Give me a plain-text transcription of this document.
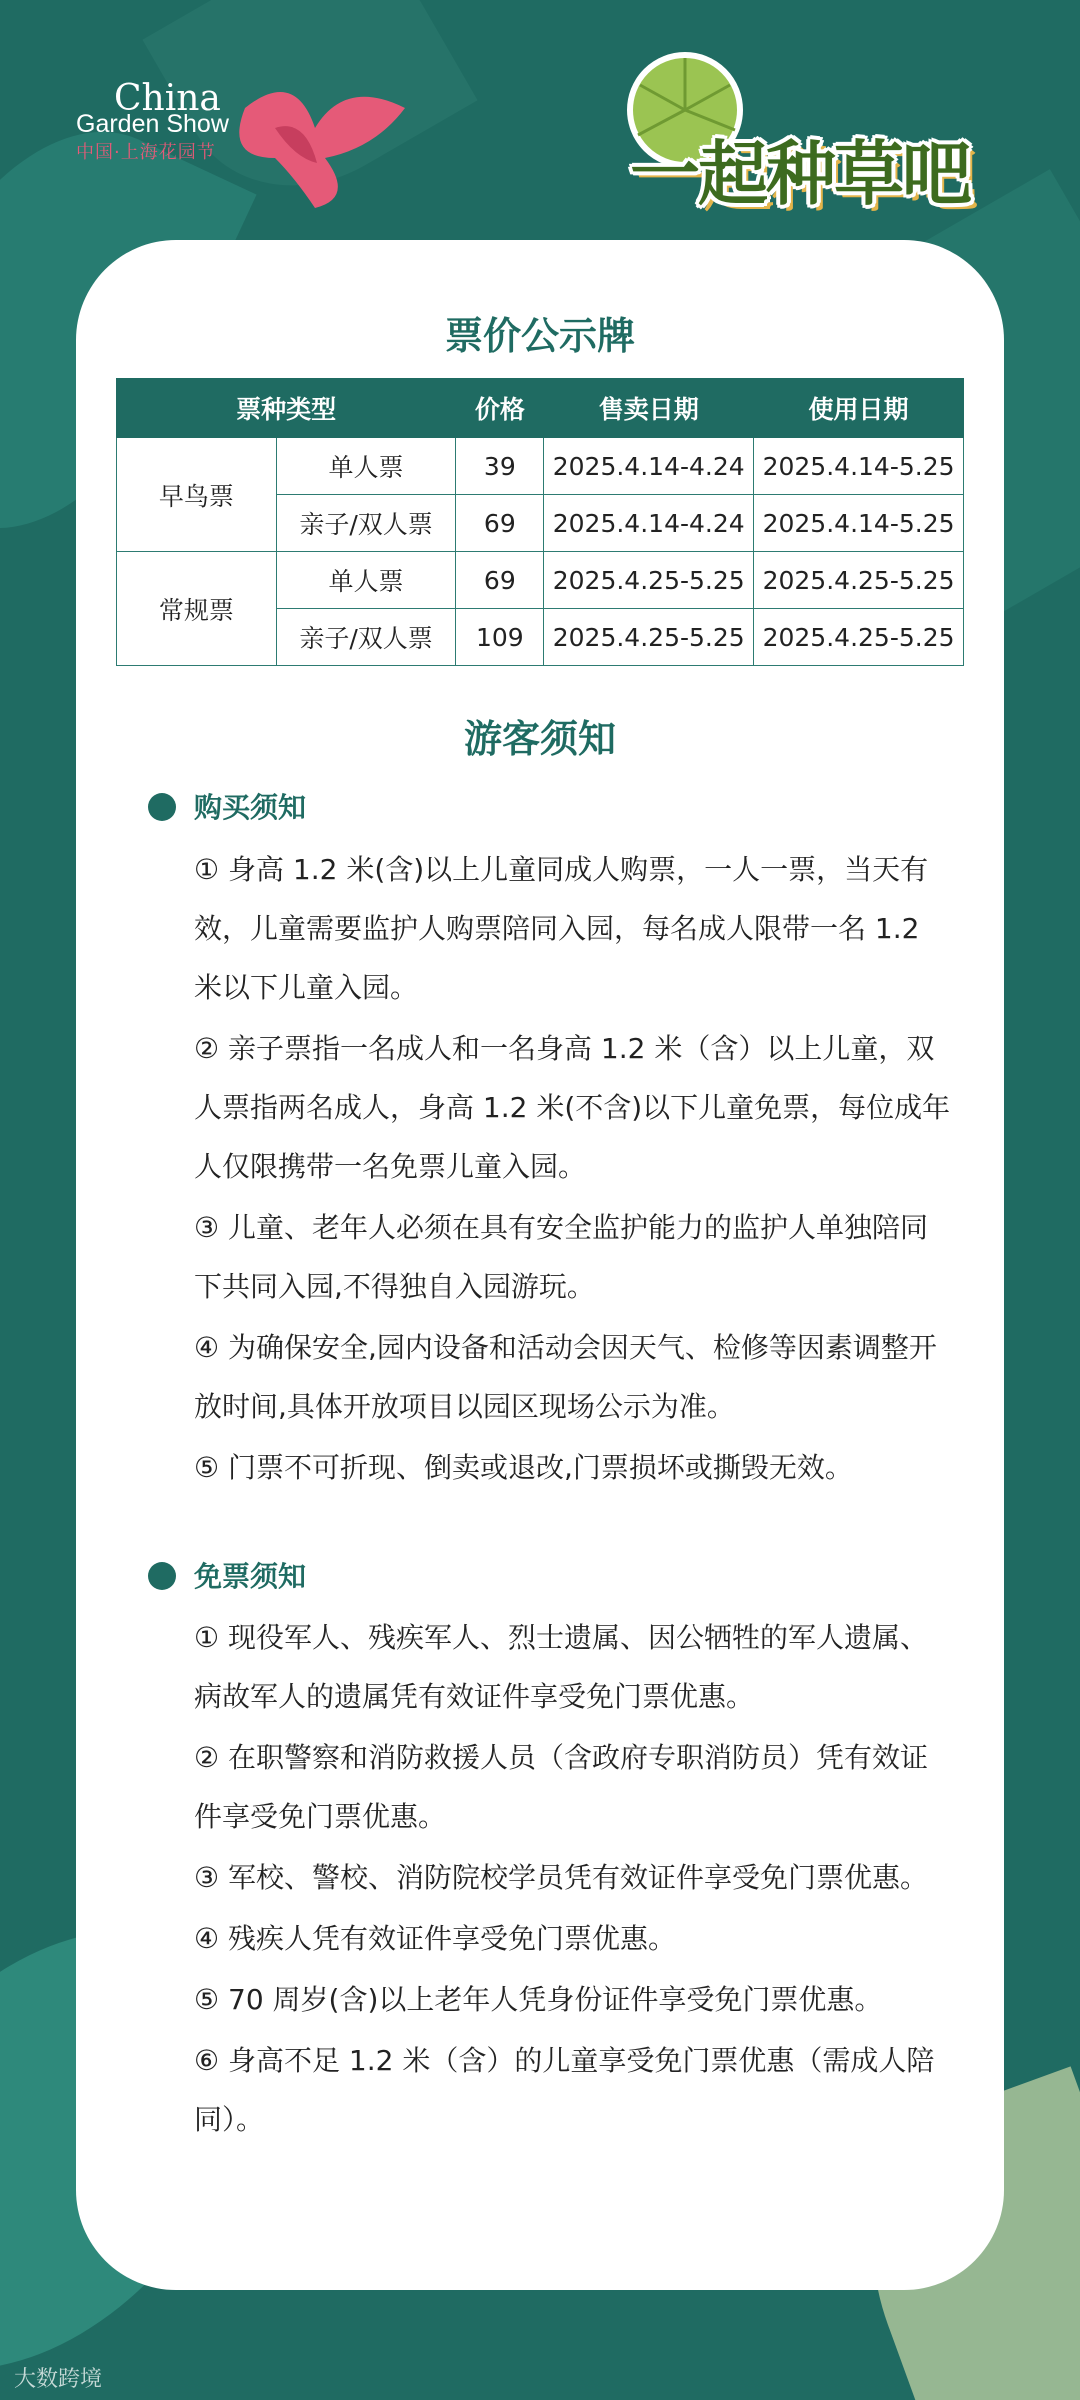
China
Garden Show
中国·上海花园节	一起种草吧
票价公示牌
票种类型		价格	售卖日期	使用日期
早鸟票	单人票	39	2025.4.14-4.24	2025.4.14-5.25
	亲子/双人票	69	2025.4.14-4.24	2025.4.14-5.25
常规票	单人票	69	2025.4.25-5.25	2025.4.25-5.25
	亲子/双人票	109	2025.4.25-5.25	2025.4.25-5.25
游客须知
购买须知

① 身高 1.2 米(含)以上儿童同成人购票，一人一票，当天有效，儿童需要监护人购票陪同入园，每名成人限带一名 1.2 米以下儿童入园。

② 亲子票指一名成人和一名身高 1.2 米（含）以上儿童，双人票指两名成人，身高 1.2 米(不含)以下儿童免票，每位成年人仅限携带一名免票儿童入园。

③ 儿童、老年人必须在具有安全监护能力的监护人单独陪同下共同入园,不得独自入园游玩。

④ 为确保安全,园内设备和活动会因天气、检修等因素调整开放时间,具体开放项目以园区现场公示为准。

⑤ 门票不可折现、倒卖或退改,门票损坏或撕毁无效。

免票须知

① 现役军人、残疾军人、烈士遗属、因公牺牲的军人遗属、病故军人的遗属凭有效证件享受免门票优惠。

② 在职警察和消防救援人员（含政府专职消防员）凭有效证件享受免门票优惠。

③ 军校、警校、消防院校学员凭有效证件享受免门票优惠。

④ 残疾人凭有效证件享受免门票优惠。

⑤ 70 周岁(含)以上老年人凭身份证件享受免门票优惠。

⑥ 身高不足 1.2 米（含）的儿童享受免门票优惠（需成人陪同）。

大数跨境
